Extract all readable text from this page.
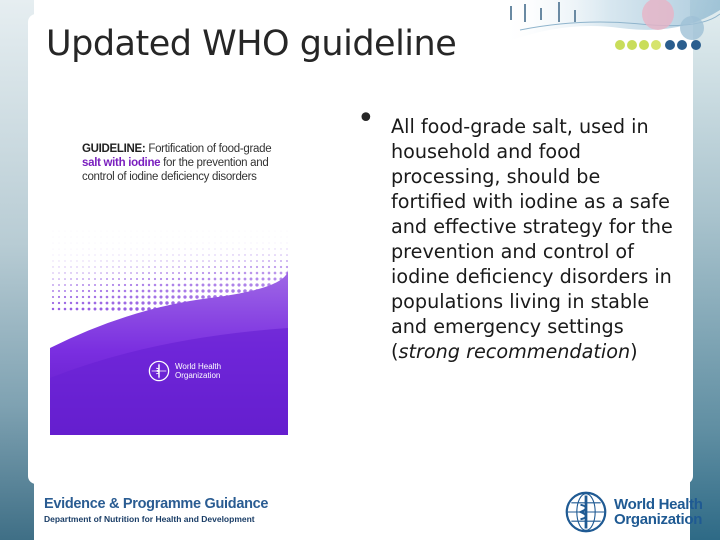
Updated WHO guideline
• All food-grade salt, used in household and food processing, should be fortified with iodine as a safe and effective strategy for the prevention and control of iodine deficiency disorders in populations living in stable and emergency settings (strong recommendation)
GUIDELINE: Fortification of food-grade
salt with iodine for the prevention and control of iodine deficiency disorders
World Health
Organization
Evidence & Programme Guidance
Department of Nutrition for Health and Development
World Health
Organization
